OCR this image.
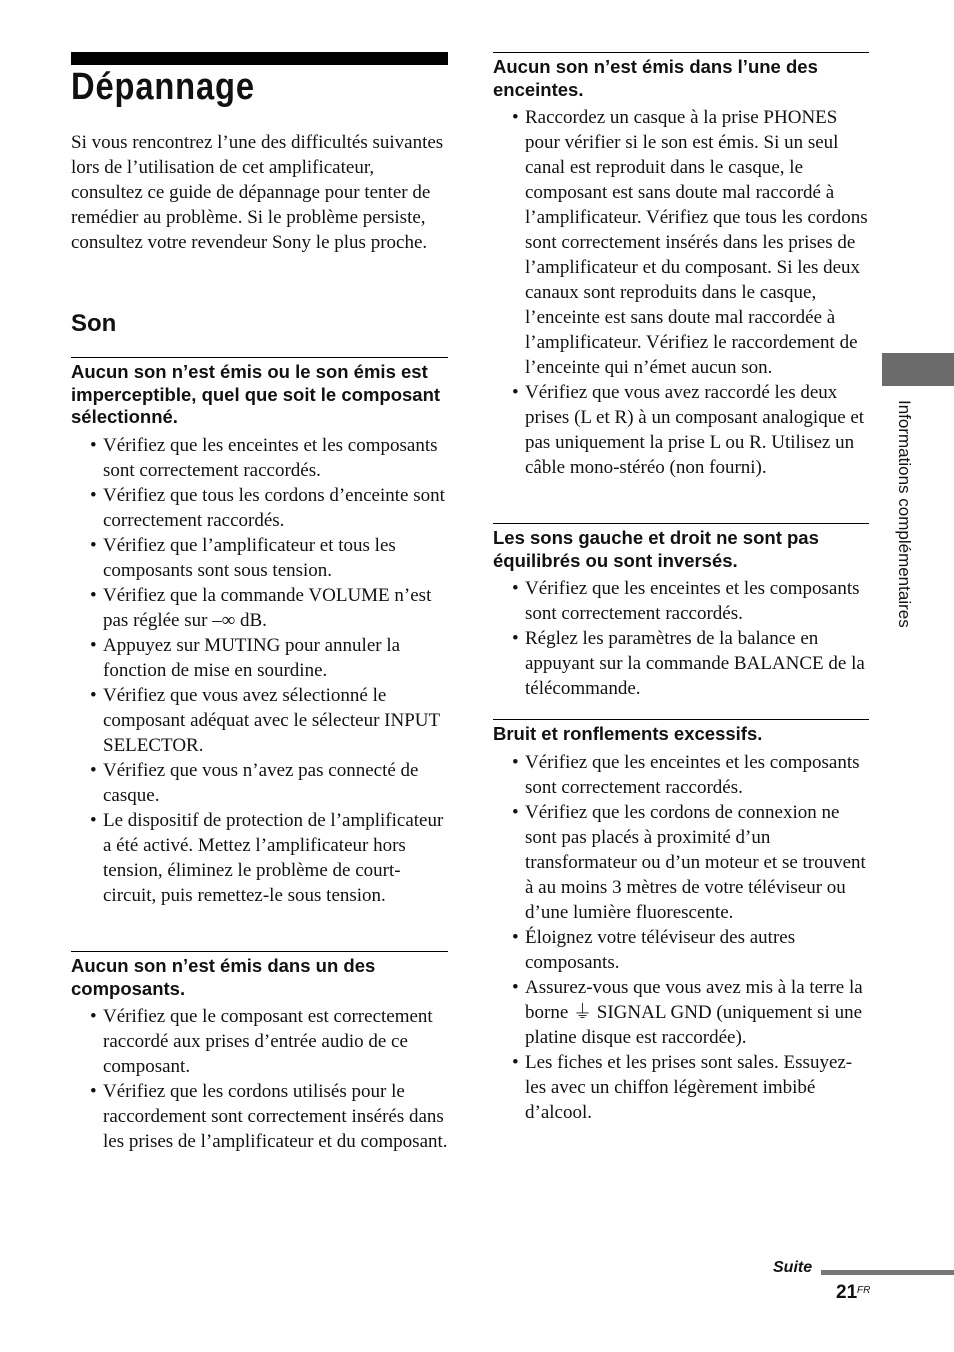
Dépannage

Si vous rencontrez l’une des difficultés suivantes lors de l’utilisation de cet amplificateur, consultez ce guide de dépannage pour tenter de remédier au problème. Si le problème persiste, consultez votre revendeur Sony le plus proche.

Son
Aucun son n’est émis ou le son émis est imperceptible, quel que soit le composant sélectionné.
• Vérifiez que les enceintes et les composants sont correctement raccordés.
• Vérifiez que tous les cordons d’enceinte sont correctement raccordés.
• Vérifiez que l’amplificateur et tous les composants sont sous tension.
• Vérifiez que la commande VOLUME n’est pas réglée sur –∞ dB.
• Appuyez sur MUTING pour annuler la fonction de mise en sourdine.
• Vérifiez que vous avez sélectionné le composant adéquat avec le sélecteur INPUT SELECTOR.
• Vérifiez que vous n’avez pas connecté de casque.
• Le dispositif de protection de l’amplificateur a été activé. Mettez l’amplificateur hors tension, éliminez le problème de court-circuit, puis remettez-le sous tension.
Aucun son n’est émis dans un des composants.
• Vérifiez que le composant est correctement raccordé aux prises d’entrée audio de ce composant.
• Vérifiez que les cordons utilisés pour le raccordement sont correctement insérés dans les prises de l’amplificateur et du composant.
Aucun son n’est émis dans l’une des enceintes.
• Raccordez un casque à la prise PHONES pour vérifier si le son est émis. Si un seul canal est reproduit dans le casque, le composant est sans doute mal raccordé à l’amplificateur. Vérifiez que tous les cordons sont correctement insérés dans les prises de l’amplificateur et du composant. Si les deux canaux sont reproduits dans le casque, l’enceinte est sans doute mal raccordée à l’amplificateur. Vérifiez le raccordement de l’enceinte qui n’émet aucun son.
• Vérifiez que vous avez raccordé les deux prises (L et R) à un composant analogique et pas uniquement la prise L ou R. Utilisez un câble mono-stéréo (non fourni).
Les sons gauche et droit ne sont pas équilibrés ou sont inversés.
• Vérifiez que les enceintes et les composants sont correctement raccordés.
• Réglez les paramètres de la balance en appuyant sur la commande BALANCE de la télécommande.
Bruit et ronflements excessifs.
• Vérifiez que les enceintes et les composants sont correctement raccordés.
• Vérifiez que les cordons de connexion ne sont pas placés à proximité d’un transformateur ou d’un moteur et se trouvent à au moins 3 mètres de votre téléviseur ou d’une lumière fluorescente.
• Éloignez votre téléviseur des autres composants.
• Assurez-vous que vous avez mis à la terre la borne ⏚ SIGNAL GND (uniquement si une platine disque est raccordée).
• Les fiches et les prises sont sales. Essuyez-les avec un chiffon légèrement imbibé d’alcool.
Informations complémentaires
Suite
21 FR
